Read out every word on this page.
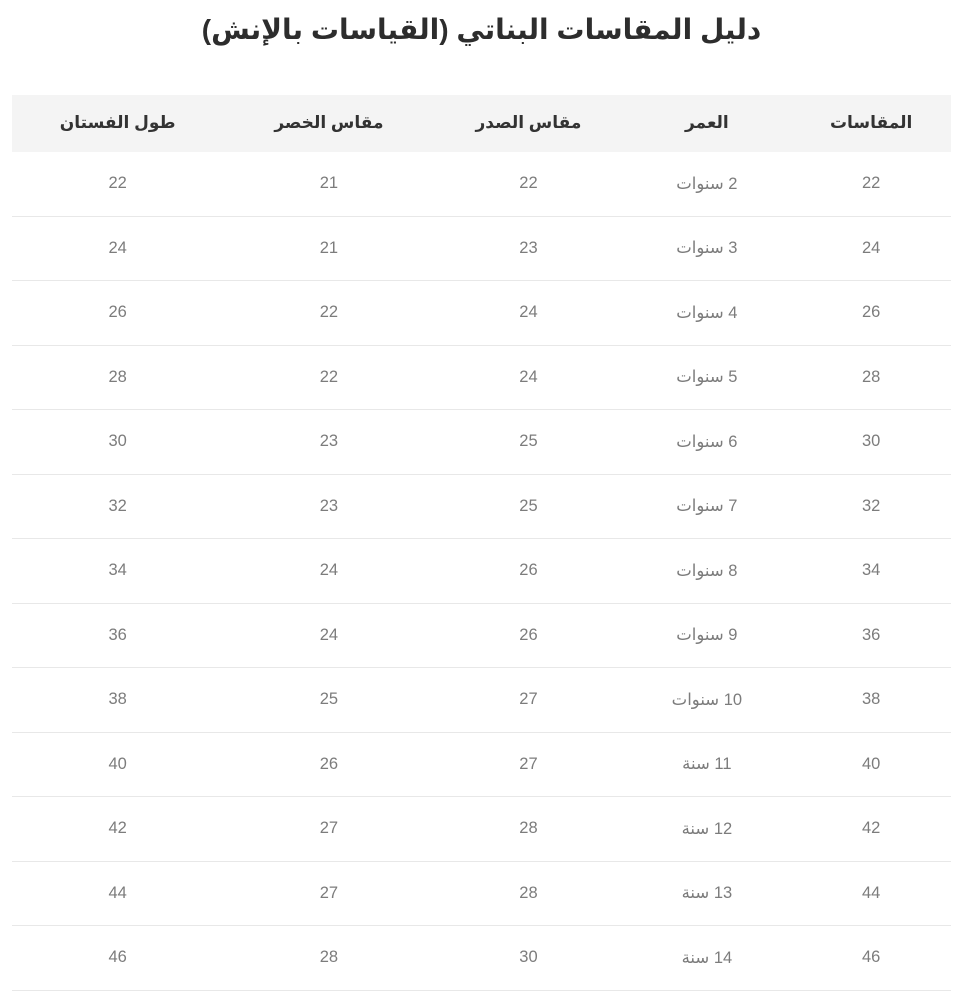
دليل المقاسات البناتي (القياسات بالإنش)
المقاسات	العمر	مقاس الصدر	مقاس الخصر	طول الفستان
22	2 سنوات	22	21	22
24	3 سنوات	23	21	24
26	4 سنوات	24	22	26
28	5 سنوات	24	22	28
30	6 سنوات	25	23	30
32	7 سنوات	25	23	32
34	8 سنوات	26	24	34
36	9 سنوات	26	24	36
38	10 سنوات	27	25	38
40	11 سنة	27	26	40
42	12 سنة	28	27	42
44	13 سنة	28	27	44
46	14 سنة	30	28	46
